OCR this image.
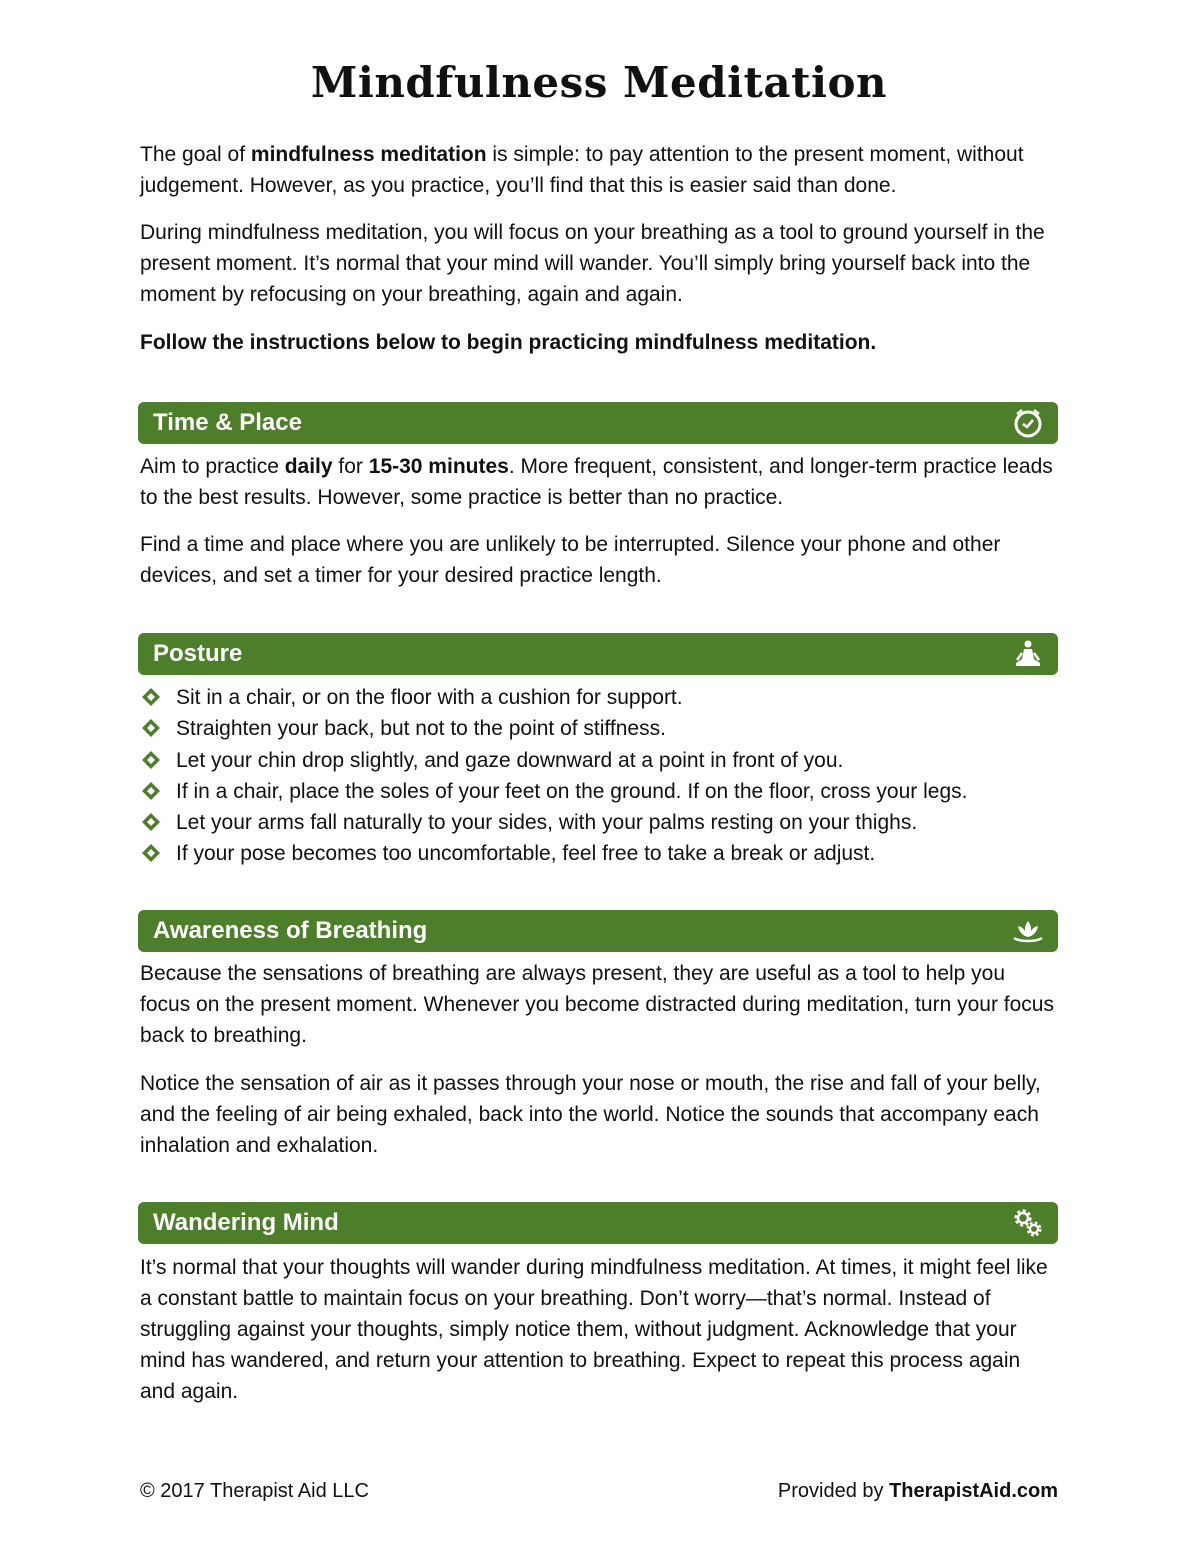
Mindfulness Meditation

The goal of mindfulness meditation is simple: to pay attention to the present moment, without judgement. However, as you practice, you’ll find that this is easier said than done.

During mindfulness meditation, you will focus on your breathing as a tool to ground yourself in the present moment. It’s normal that your mind will wander. You’ll simply bring yourself back into the moment by refocusing on your breathing, again and again.

Follow the instructions below to begin practicing mindfulness meditation.

Time & Place

Aim to practice daily for 15-30 minutes. More frequent, consistent, and longer-term practice leads to the best results. However, some practice is better than no practice.

Find a time and place where you are unlikely to be interrupted. Silence your phone and other devices, and set a timer for your desired practice length.

Posture
Sit in a chair, or on the floor with a cushion for support.
Straighten your back, but not to the point of stiffness.
Let your chin drop slightly, and gaze downward at a point in front of you.
If in a chair, place the soles of your feet on the ground. If on the floor, cross your legs.
Let your arms fall naturally to your sides, with your palms resting on your thighs.
If your pose becomes too uncomfortable, feel free to take a break or adjust.
Awareness of Breathing

Because the sensations of breathing are always present, they are useful as a tool to help you focus on the present moment. Whenever you become distracted during meditation, turn your focus back to breathing.

Notice the sensation of air as it passes through your nose or mouth, the rise and fall of your belly, and the feeling of air being exhaled, back into the world. Notice the sounds that accompany each inhalation and exhalation.

Wandering Mind

It’s normal that your thoughts will wander during mindfulness meditation. At times, it might feel like a constant battle to maintain focus on your breathing. Don’t worry—that’s normal. Instead of struggling against your thoughts, simply notice them, without judgment. Acknowledge that your mind has wandered, and return your attention to breathing. Expect to repeat this process again and again.

© 2017 Therapist Aid LLC	Provided by TherapistAid.com
